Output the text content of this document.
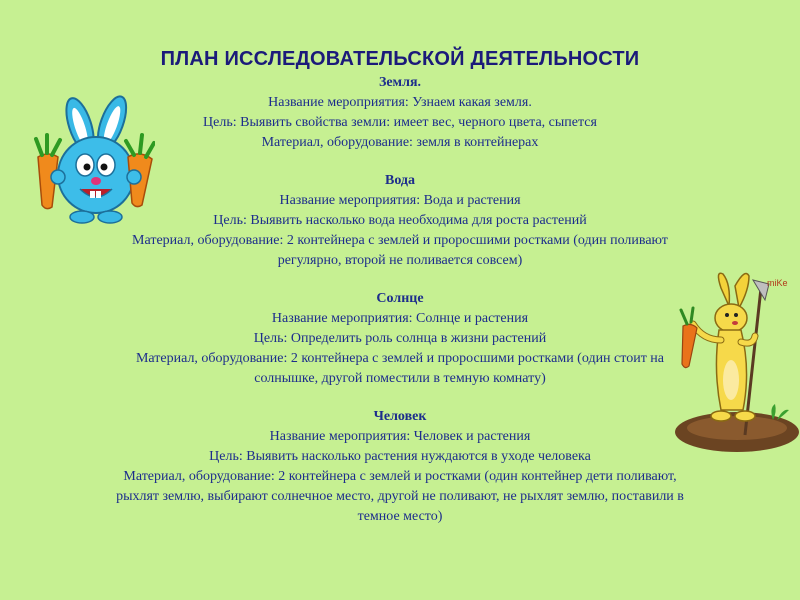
miKe
ПЛАН ИССЛЕДОВАТЕЛЬСКОЙ ДЕЯТЕЛЬНОСТИ
Земля.
Название мероприятия: Узнаем какая земля.
Цель: Выявить свойства земли: имеет вес, черного цвета, сыпется
Материал, оборудование: земля в контейнерах
Вода
Название мероприятия: Вода и растения
Цель: Выявить насколько вода необходима для роста растений
Материал, оборудование: 2 контейнера с землей и проросшими ростками (один поливают
регулярно, второй не поливается совсем)
Солнце
Название мероприятия: Солнце и растения
Цель: Определить роль солнца в жизни растений
Материал, оборудование: 2 контейнера с землей и проросшими ростками (один стоит на
солнышке, другой поместили в темную комнату)
Человек
Название мероприятия: Человек и растения
Цель: Выявить насколько растения нуждаются в уходе человека
Материал, оборудование: 2 контейнера с землей и ростками (один контейнер дети поливают,
рыхлят землю, выбирают солнечное место, другой не поливают, не рыхлят землю, поставили в
темное место)
